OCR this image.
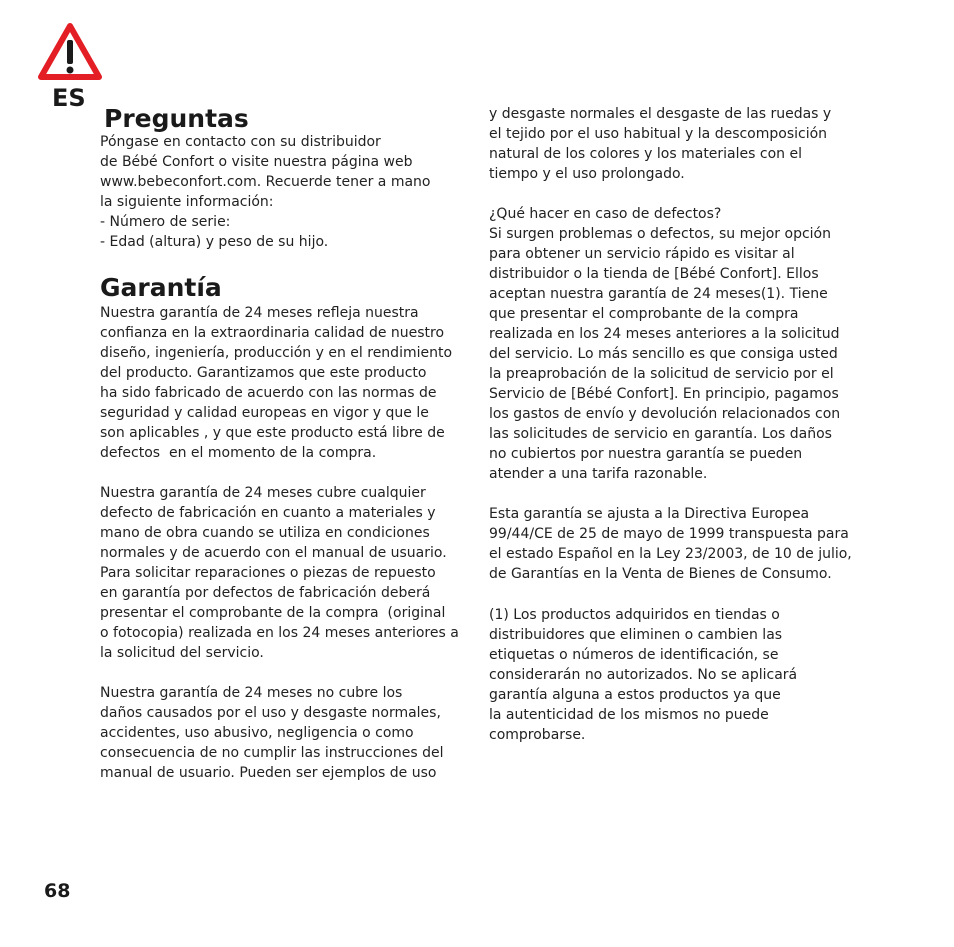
ES
Preguntas

Póngase en contacto con su distribuidor
de Bébé Confort o visite nuestra página web
www.bebeconfort.com. Recuerde tener a mano
la siguiente información:
- Número de serie:
- Edad (altura) y peso de su hijo.

Garantía

Nuestra garantía de 24 meses refleja nuestra
confianza en la extraordinaria calidad de nuestro
diseño, ingeniería, producción y en el rendimiento
del producto. Garantizamos que este producto
ha sido fabricado de acuerdo con las normas de
seguridad y calidad europeas en vigor y que le
son aplicables , y que este producto está libre de
defectos  en el momento de la compra.

Nuestra garantía de 24 meses cubre cualquier
defecto de fabricación en cuanto a materiales y
mano de obra cuando se utiliza en condiciones
normales y de acuerdo con el manual de usuario.
Para solicitar reparaciones o piezas de repuesto
en garantía por defectos de fabricación deberá
presentar el comprobante de la compra  (original
o fotocopia) realizada en los 24 meses anteriores a
la solicitud del servicio.

Nuestra garantía de 24 meses no cubre los
daños causados por el uso y desgaste normales,
accidentes, uso abusivo, negligencia o como
consecuencia de no cumplir las instrucciones del
manual de usuario. Pueden ser ejemplos de uso

y desgaste normales el desgaste de las ruedas y
el tejido por el uso habitual y la descomposición
natural de los colores y los materiales con el
tiempo y el uso prolongado.

¿Qué hacer en caso de defectos?
Si surgen problemas o defectos, su mejor opción
para obtener un servicio rápido es visitar al
distribuidor o la tienda de [Bébé Confort]. Ellos
aceptan nuestra garantía de 24 meses(1). Tiene
que presentar el comprobante de la compra
realizada en los 24 meses anteriores a la solicitud
del servicio. Lo más sencillo es que consiga usted
la preaprobación de la solicitud de servicio por el
Servicio de [Bébé Confort]. En principio, pagamos
los gastos de envío y devolución relacionados con
las solicitudes de servicio en garantía. Los daños
no cubiertos por nuestra garantía se pueden
atender a una tarifa razonable.

Esta garantía se ajusta a la Directiva Europea
99/44/CE de 25 de mayo de 1999 transpuesta para
el estado Español en la Ley 23/2003, de 10 de julio,
de Garantías en la Venta de Bienes de Consumo.

(1) Los productos adquiridos en tiendas o
distribuidores que eliminen o cambien las
etiquetas o números de identificación, se
considerarán no autorizados. No se aplicará
garantía alguna a estos productos ya que
la autenticidad de los mismos no puede
comprobarse.

68
